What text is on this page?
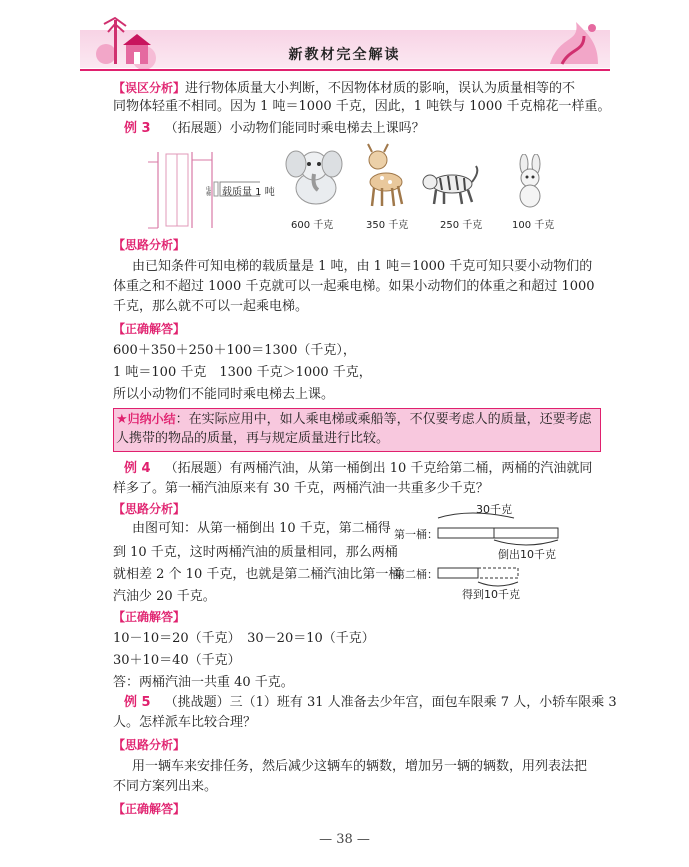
新教材完全解读
【误区分析】进行物体质量大小判断，不因物体材质的影响，误认为质量相等的不
同物体轻重不相同。因为 1 吨＝1000 千克，因此，1 吨铁与 1000 千克棉花一样重。
例 3 （拓展题）小动物们能同时乘电梯去上课吗？
载质量 1 吨
电梯
600 千克	350 千克	250 千克	100 千克
【思路分析】
由已知条件可知电梯的载质量是 1 吨，由 1 吨＝1000 千克可知只要小动物们的
体重之和不超过 1000 千克就可以一起乘电梯。如果小动物们的体重之和超过 1000
千克，那么就不可以一起乘电梯。
【正确解答】
600＋350＋250＋100＝1300（千克），
1 吨＝100 千克　1300 千克＞1000 千克，
所以小动物们不能同时乘电梯去上课。
★归纳小结：在实际应用中，如人乘电梯或乘船等，不仅要考虑人的质量，还要考虑
人携带的物品的质量，再与规定质量进行比较。
例 4 （拓展题）有两桶汽油，从第一桶倒出 10 千克给第二桶，两桶的汽油就同
样多了。第一桶汽油原来有 30 千克，两桶汽油一共重多少千克？
【思路分析】
由图可知：从第一桶倒出 10 千克，第二桶得
到 10 千克，这时两桶汽油的质量相同，那么两桶
就相差 2 个 10 千克，也就是第二桶汽油比第一桶
汽油少 20 千克。
30千克
第一桶：
倒出10千克
第二桶：
得到10千克
【正确解答】
10－10＝20（千克）　30－20＝10（千克）
30＋10＝40（千克）
答：两桶汽油一共重 40 千克。
例 5 （挑战题）三（1）班有 31 人准备去少年宫，面包车限乘 7 人，小轿车限乘 3
人。怎样派车比较合理？
【思路分析】
用一辆车来安排任务，然后减少这辆车的辆数，增加另一辆的辆数，用列表法把
不同方案列出来。
【正确解答】
— 38 —
